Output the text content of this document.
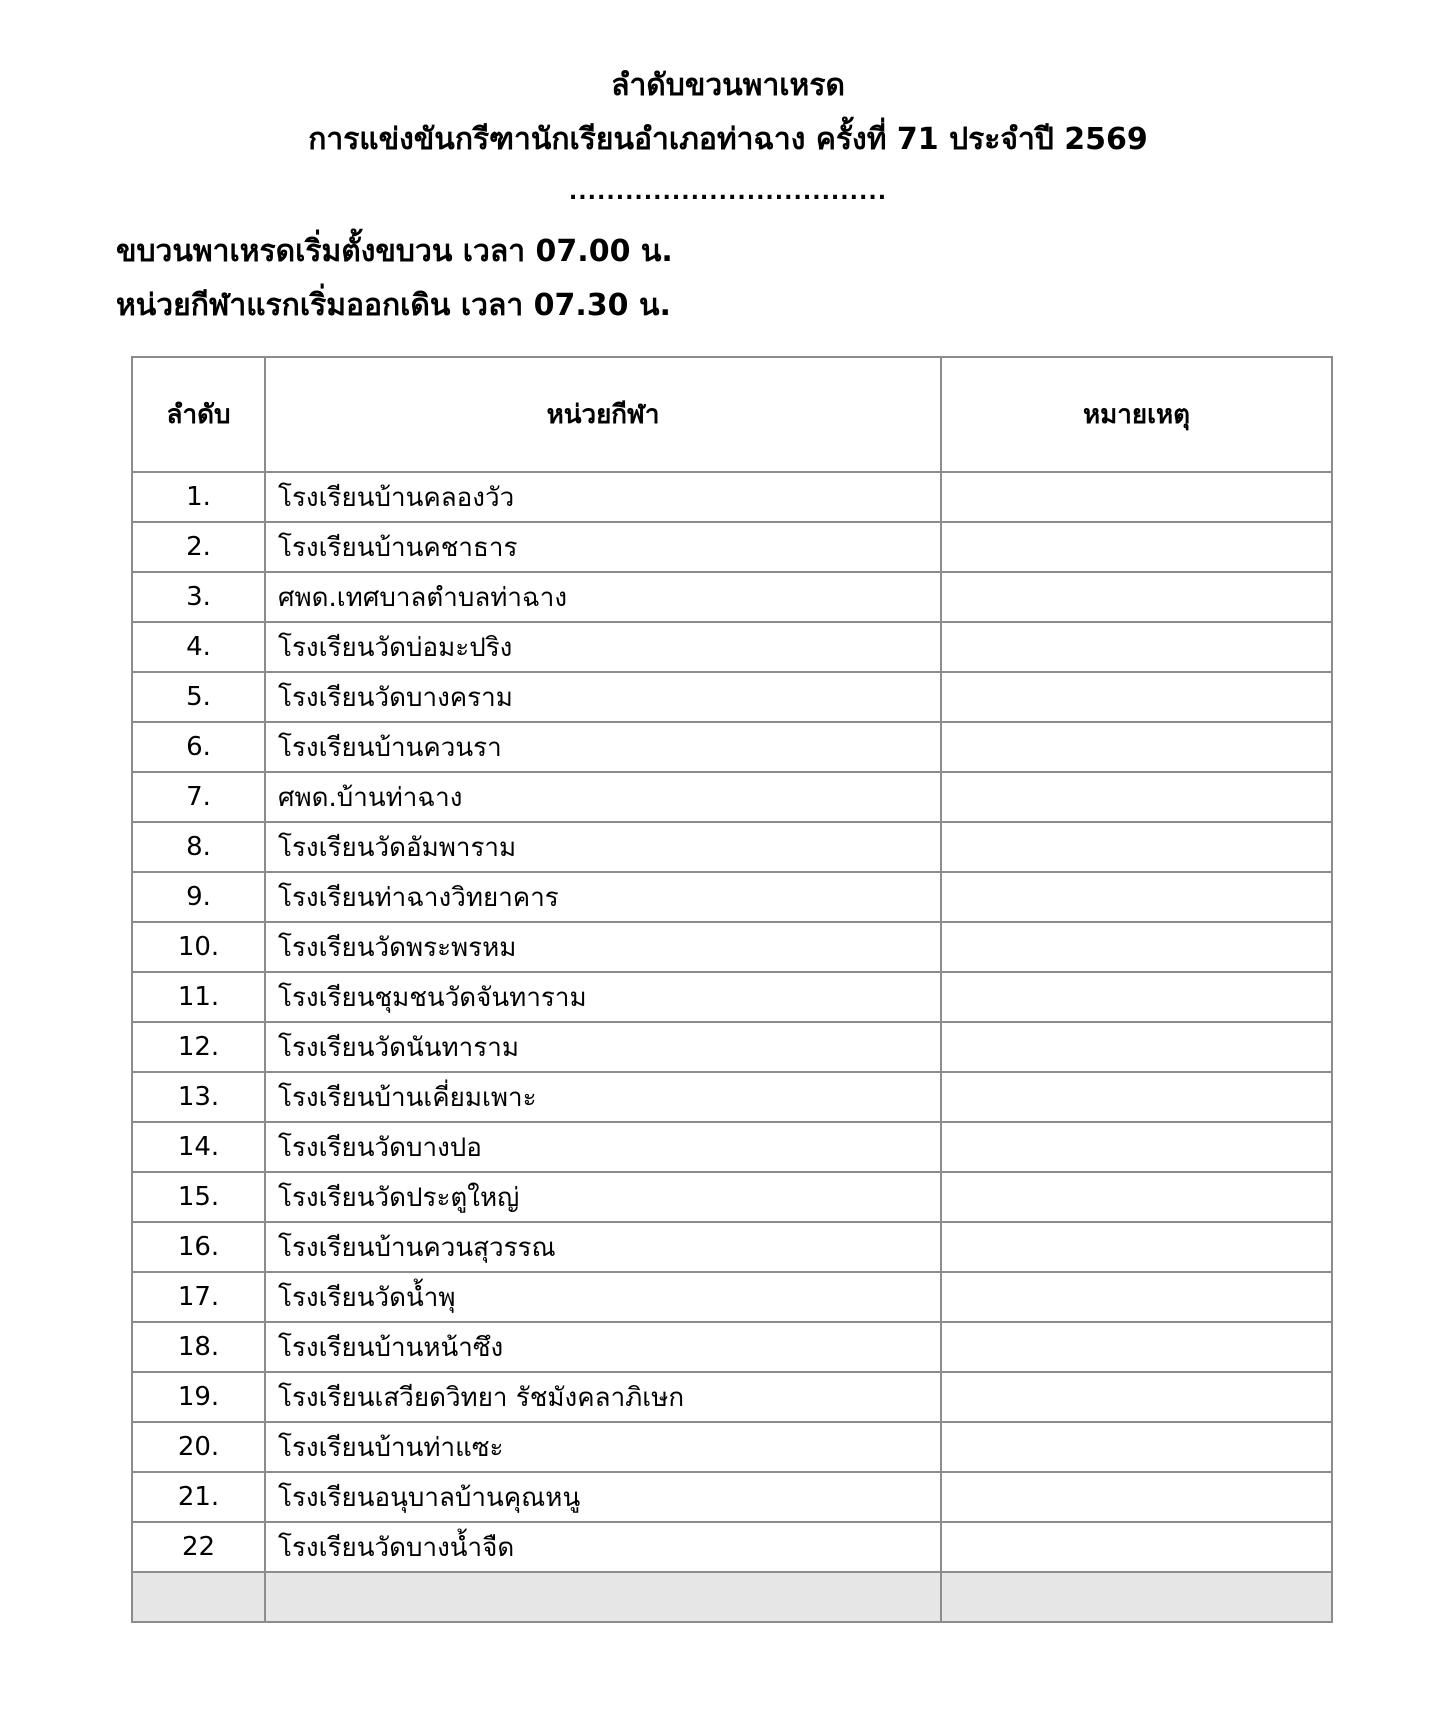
ลำดับขวนพาเหรด
การแข่งขันกรีฑานักเรียนอำเภอท่าฉาง ครั้งที่ 71 ประจำปี 2569
..................................
ขบวนพาเหรดเริ่มตั้งขบวน เวลา 07.00 น.
หน่วยกีฬาแรกเริ่มออกเดิน เวลา 07.30 น.
ลำดับ	หน่วยกีฬา	หมายเหตุ
1.	โรงเรียนบ้านคลองวัว	
2.	โรงเรียนบ้านคชาธาร	
3.	ศพด.เทศบาลตำบลท่าฉาง	
4.	โรงเรียนวัดบ่อมะปริง	
5.	โรงเรียนวัดบางคราม	
6.	โรงเรียนบ้านควนรา	
7.	ศพด.บ้านท่าฉาง	
8.	โรงเรียนวัดอัมพาราม	
9.	โรงเรียนท่าฉางวิทยาคาร	
10.	โรงเรียนวัดพระพรหม	
11.	โรงเรียนชุมชนวัดจันทาราม	
12.	โรงเรียนวัดนันทาราม	
13.	โรงเรียนบ้านเคี่ยมเพาะ	
14.	โรงเรียนวัดบางปอ	
15.	โรงเรียนวัดประตูใหญ่	
16.	โรงเรียนบ้านควนสุวรรณ	
17.	โรงเรียนวัดน้ำพุ	
18.	โรงเรียนบ้านหน้าซึง	
19.	โรงเรียนเสวียดวิทยา รัชมังคลาภิเษก	
20.	โรงเรียนบ้านท่าแซะ	
21.	โรงเรียนอนุบาลบ้านคุณหนู	
22	โรงเรียนวัดบางน้ำจืด	
